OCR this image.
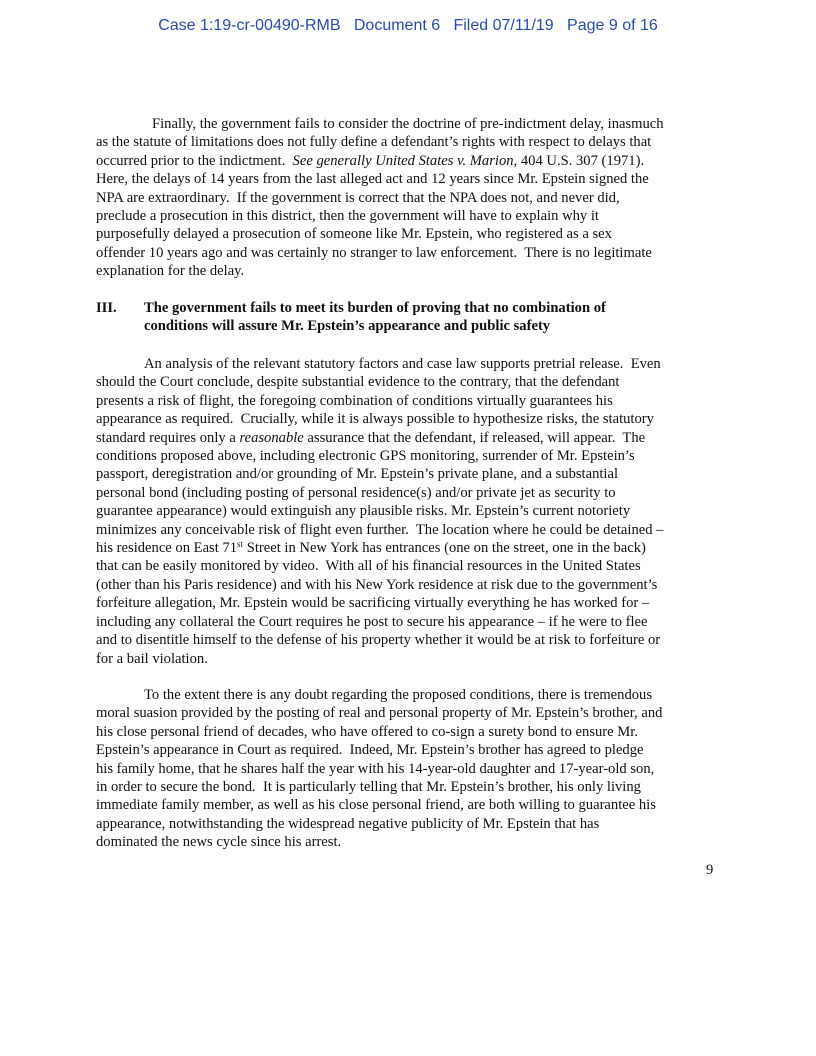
Case 1:19-cr-00490-RMB Document 6 Filed 07/11/19 Page 9 of 16
Finally, the government fails to consider the doctrine of pre-indictment delay, inasmuch
as the statute of limitations does not fully define a defendant’s rights with respect to delays that
occurred prior to the indictment.  See generally United States v. Marion, 404 U.S. 307 (1971).
Here, the delays of 14 years from the last alleged act and 12 years since Mr. Epstein signed the
NPA are extraordinary.  If the government is correct that the NPA does not, and never did,
preclude a prosecution in this district, then the government will have to explain why it
purposefully delayed a prosecution of someone like Mr. Epstein, who registered as a sex
offender 10 years ago and was certainly no stranger to law enforcement.  There is no legitimate
explanation for the delay.
III.	The government fails to meet its burden of proving that no combination of
conditions will assure Mr. Epstein’s appearance and public safety
An analysis of the relevant statutory factors and case law supports pretrial release.  Even
should the Court conclude, despite substantial evidence to the contrary, that the defendant
presents a risk of flight, the foregoing combination of conditions virtually guarantees his
appearance as required.  Crucially, while it is always possible to hypothesize risks, the statutory
standard requires only a reasonable assurance that the defendant, if released, will appear.  The
conditions proposed above, including electronic GPS monitoring, surrender of Mr. Epstein’s
passport, deregistration and/or grounding of Mr. Epstein’s private plane, and a substantial
personal bond (including posting of personal residence(s) and/or private jet as security to
guarantee appearance) would extinguish any plausible risks. Mr. Epstein’s current notoriety
minimizes any conceivable risk of flight even further.  The location where he could be detained –
his residence on East 71st Street in New York has entrances (one on the street, one in the back)
that can be easily monitored by video.  With all of his financial resources in the United States
(other than his Paris residence) and with his New York residence at risk due to the government’s
forfeiture allegation, Mr. Epstein would be sacrificing virtually everything he has worked for –
including any collateral the Court requires he post to secure his appearance – if he were to flee
and to disentitle himself to the defense of his property whether it would be at risk to forfeiture or
for a bail violation.
To the extent there is any doubt regarding the proposed conditions, there is tremendous
moral suasion provided by the posting of real and personal property of Mr. Epstein’s brother, and
his close personal friend of decades, who have offered to co-sign a surety bond to ensure Mr.
Epstein’s appearance in Court as required.  Indeed, Mr. Epstein’s brother has agreed to pledge
his family home, that he shares half the year with his 14-year-old daughter and 17-year-old son,
in order to secure the bond.  It is particularly telling that Mr. Epstein’s brother, his only living
immediate family member, as well as his close personal friend, are both willing to guarantee his
appearance, notwithstanding the widespread negative publicity of Mr. Epstein that has
dominated the news cycle since his arrest.
9
